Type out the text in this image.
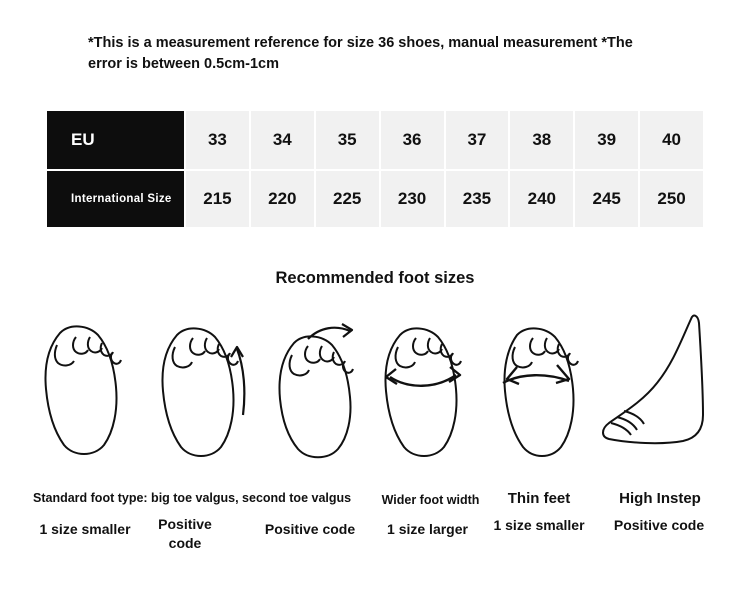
*This is a measurement reference for size 36 shoes, manual measurement *The error is between 0.5cm-1cm
EU	33	34	35	36	37	38	39	40
International Size	215	220	225	230	235	240	245	250
Recommended foot sizes
Standard foot type: big toe valgus, second toe valgus	Wider foot width	Thin feet	High Instep
1 size smaller	Positive code
Positive code	1 size larger	1 size smaller	Positive code
